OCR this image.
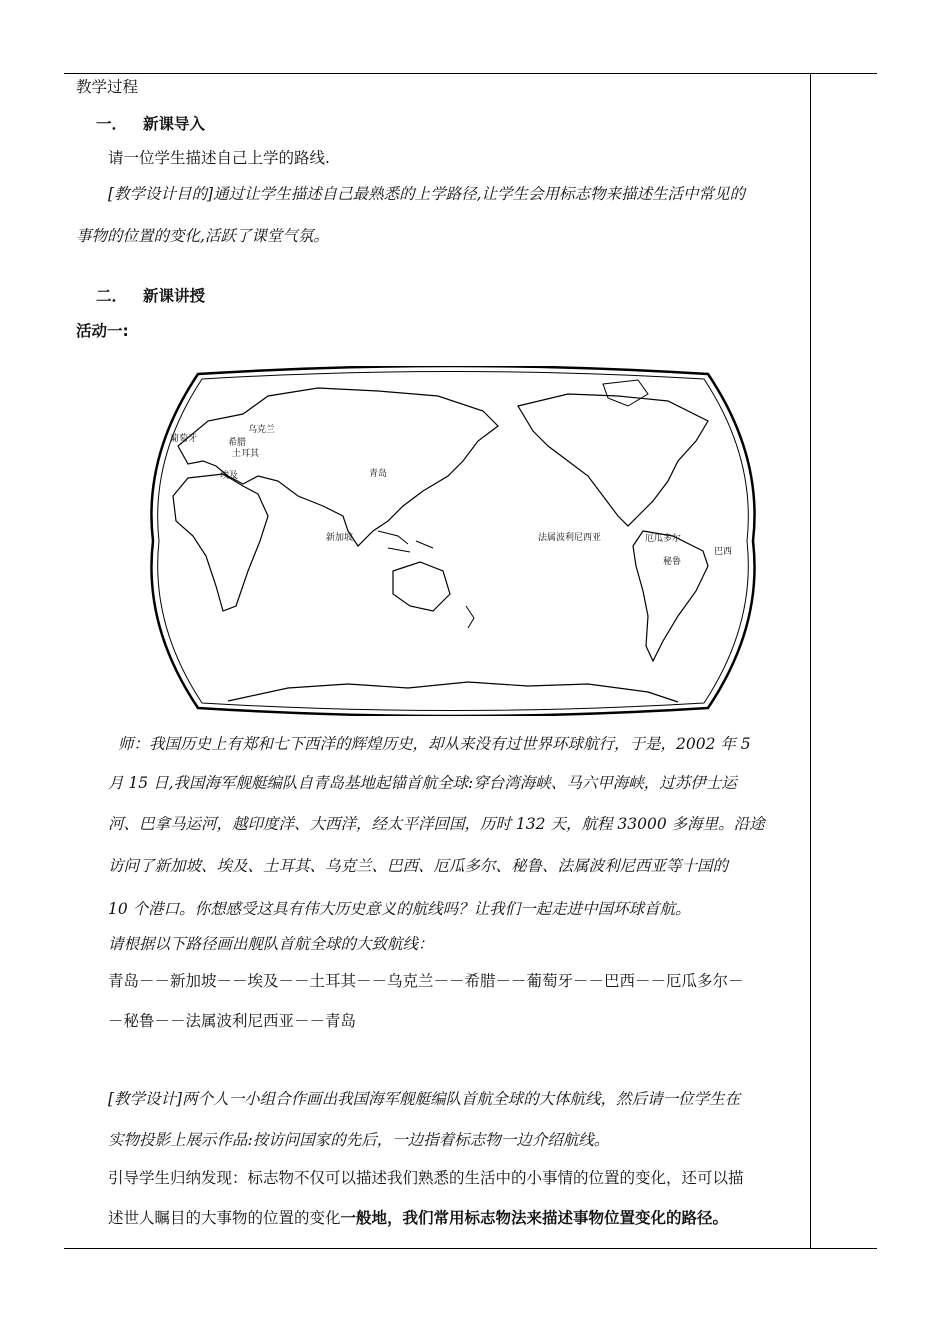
教学过程
一． 新课导入
请一位学生描述自己上学的路线.
[教学设计目的]通过让学生描述自己最熟悉的上学路径,让学生会用标志物来描述生活中常见的
事物的位置的变化,活跃了课堂气氛。
二． 新课讲授
活动一:
葡萄牙
乌克兰
希腊
土耳其
埃及	青岛
新加坡	法属波利尼西亚	厄瓜多尔
秘鲁
巴西
师：我国历史上有郑和七下西洋的辉煌历史，却从来没有过世界环球航行，于是，2002 年 5
月 15 日,我国海军舰艇编队自青岛基地起锚首航全球:穿台湾海峡、马六甲海峡，过苏伊士运
河、巴拿马运河，越印度洋、大西洋，经太平洋回国，历时 132 天，航程 33000 多海里。沿途
访问了新加坡、埃及、土耳其、乌克兰、巴西、厄瓜多尔、秘鲁、法属波利尼西亚等十国的
10 个港口。你想感受这具有伟大历史意义的航线吗？让我们一起走进中国环球首航。
请根据以下路径画出舰队首航全球的大致航线：
青岛－－新加坡－－埃及－－土耳其－－乌克兰－－希腊－－葡萄牙－－巴西－－厄瓜多尔－
－秘鲁－－法属波利尼西亚－－青岛
[教学设计]两个人一小组合作画出我国海军舰艇编队首航全球的大体航线，然后请一位学生在
实物投影上展示作品:按访问国家的先后，一边指着标志物一边介绍航线。
引导学生归纳发现：标志物不仅可以描述我们熟悉的生活中的小事情的位置的变化，还可以描
述世人瞩目的大事物的位置的变化一般地，我们常用标志物法来描述事物位置变化的路径。
